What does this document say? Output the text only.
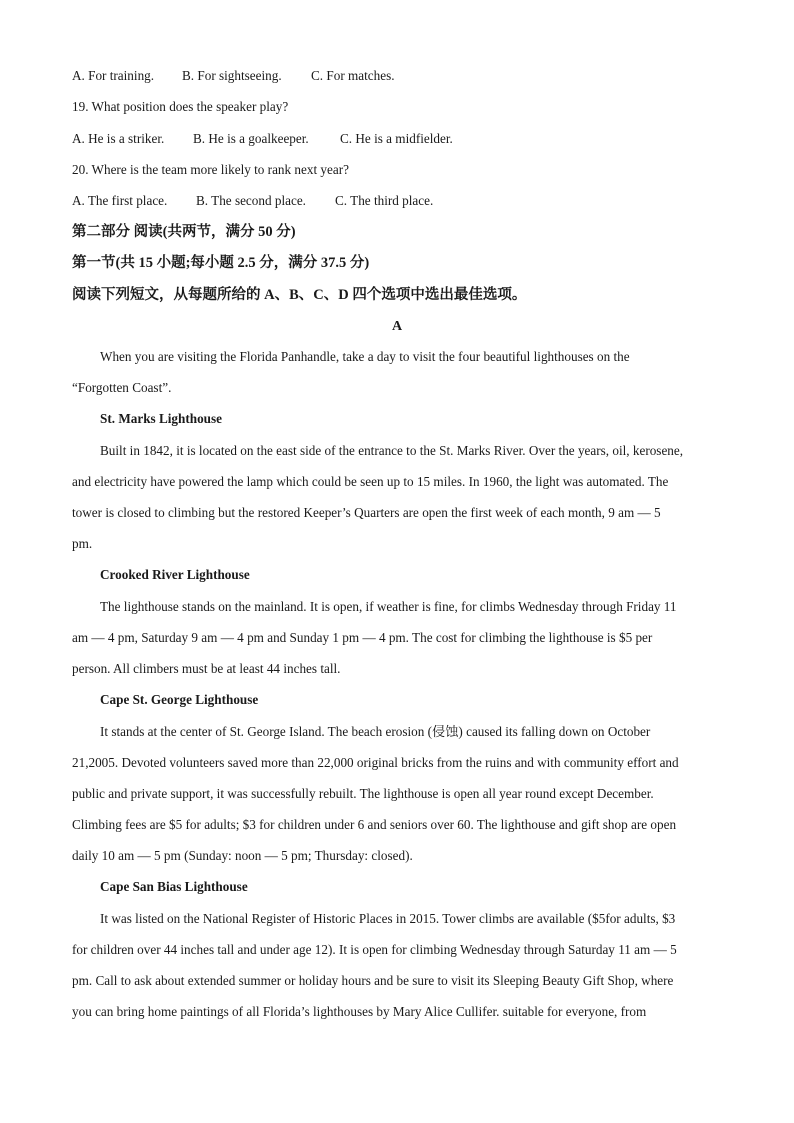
A. For training. B. For sightseeing. C. For matches.
19. What position does the speaker play?
A. He is a striker. B. He is a goalkeeper. C. He is a midfielder.
20. Where is the team more likely to rank next year?
A. The first place. B. The second place. C. The third place.
第二部分 阅读(共两节，满分 50 分)
第一节(共 15 小题;每小题 2.5 分，满分 37.5 分)
阅读下列短文，从每题所给的 A、B、C、D 四个选项中选出最佳选项。
A
When you are visiting the Florida Panhandle, take a day to visit the four beautiful lighthouses on the
“Forgotten Coast”.
St. Marks Lighthouse
Built in 1842, it is located on the east side of the entrance to the St. Marks River. Over the years, oil, kerosene,
and electricity have powered the lamp which could be seen up to 15 miles. In 1960, the light was automated. The
tower is closed to climbing but the restored Keeper’s Quarters are open the first week of each month, 9 am — 5
pm.
Crooked River Lighthouse
The lighthouse stands on the mainland. It is open, if weather is fine, for climbs Wednesday through Friday 11
am — 4 pm, Saturday 9 am — 4 pm and Sunday 1 pm — 4 pm. The cost for climbing the lighthouse is $5 per
person. All climbers must be at least 44 inches tall.
Cape St. George Lighthouse
It stands at the center of St. George Island. The beach erosion (侵蚀) caused its falling down on October
21,2005. Devoted volunteers saved more than 22,000 original bricks from the ruins and with community effort and
public and private support, it was successfully rebuilt. The lighthouse is open all year round except December.
Climbing fees are $5 for adults; $3 for children under 6 and seniors over 60. The lighthouse and gift shop are open
daily 10 am — 5 pm (Sunday: noon — 5 pm; Thursday: closed).
Cape San Bias Lighthouse
It was listed on the National Register of Historic Places in 2015. Tower climbs are available ($5for adults, $3
for children over 44 inches tall and under age 12). It is open for climbing Wednesday through Saturday 11 am — 5
pm. Call to ask about extended summer or holiday hours and be sure to visit its Sleeping Beauty Gift Shop, where
you can bring home paintings of all Florida’s lighthouses by Mary Alice Cullifer. suitable for everyone, from
